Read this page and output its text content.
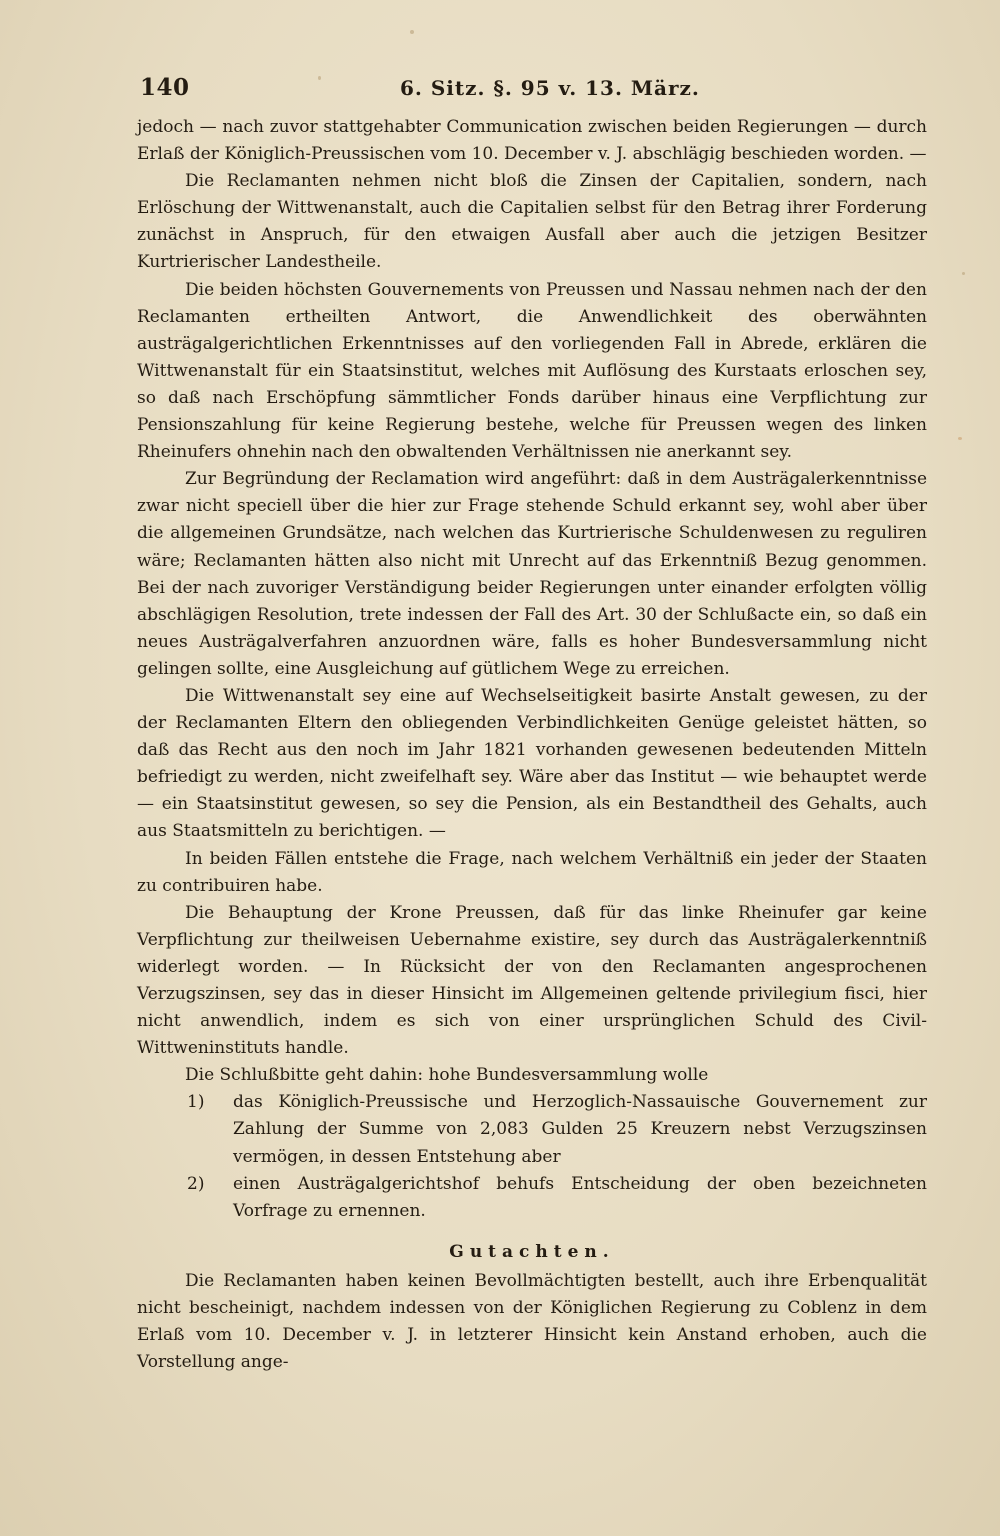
140	6. Sitz. §. 95 v. 13. März.

jedoch — nach zuvor stattgehabter Communication zwischen beiden Regierungen — durch Erlaß der Königlich-Preussischen vom 10. December v. J. abschlägig beschieden worden. —

Die Reclamanten nehmen nicht bloß die Zinsen der Capitalien, sondern, nach Erlöschung der Wittwenanstalt, auch die Capitalien selbst für den Betrag ihrer Forderung zunächst in Anspruch, für den etwaigen Ausfall aber auch die jetzigen Besitzer Kurtrierischer Landestheile.

Die beiden höchsten Gouvernements von Preussen und Nassau nehmen nach der den Reclamanten ertheilten Antwort, die Anwendlichkeit des oberwähnten austrägalgerichtlichen Erkenntnisses auf den vorliegenden Fall in Abrede, erklären die Wittwenanstalt für ein Staatsinstitut, welches mit Auflösung des Kurstaats erloschen sey, so daß nach Erschöpfung sämmtlicher Fonds darüber hinaus eine Verpflichtung zur Pensionszahlung für keine Regierung bestehe, welche für Preussen wegen des linken Rheinufers ohnehin nach den obwaltenden Verhältnissen nie anerkannt sey.

Zur Begründung der Reclamation wird angeführt: daß in dem Austrägalerkenntnisse zwar nicht speciell über die hier zur Frage stehende Schuld erkannt sey, wohl aber über die allgemeinen Grundsätze, nach welchen das Kurtrierische Schuldenwesen zu reguliren wäre; Reclamanten hätten also nicht mit Unrecht auf das Erkenntniß Bezug genommen. Bei der nach zuvoriger Verständigung beider Regierungen unter einander erfolgten völlig abschlägigen Resolution, trete indessen der Fall des Art. 30 der Schlußacte ein, so daß ein neues Austrägalverfahren anzuordnen wäre, falls es hoher Bundesversammlung nicht gelingen sollte, eine Ausgleichung auf gütlichem Wege zu erreichen.

Die Wittwenanstalt sey eine auf Wechselseitigkeit basirte Anstalt gewesen, zu der der Reclamanten Eltern den obliegenden Verbindlichkeiten Genüge geleistet hätten, so daß das Recht aus den noch im Jahr 1821 vorhanden gewesenen bedeutenden Mitteln befriedigt zu werden, nicht zweifelhaft sey. Wäre aber das Institut — wie behauptet werde — ein Staatsinstitut gewesen, so sey die Pension, als ein Bestandtheil des Gehalts, auch aus Staatsmitteln zu berichtigen. —

In beiden Fällen entstehe die Frage, nach welchem Verhältniß ein jeder der Staaten zu contribuiren habe.

Die Behauptung der Krone Preussen, daß für das linke Rheinufer gar keine Verpflichtung zur theilweisen Uebernahme existire, sey durch das Austrägalerkenntniß widerlegt worden. — In Rücksicht der von den Reclamanten angesprochenen Verzugszinsen, sey das in dieser Hinsicht im Allgemeinen geltende privilegium fisci, hier nicht anwendlich, indem es sich von einer ursprünglichen Schuld des Civil-Wittweninstituts handle.

Die Schlußbitte geht dahin: hohe Bundesversammlung wolle

1) das Königlich-Preussische und Herzoglich-Nassauische Gouvernement zur Zahlung der Summe von 2,083 Gulden 25 Kreuzern nebst Verzugszinsen vermögen, in dessen Entstehung aber
2) einen Austrägalgerichtshof behufs Entscheidung der oben bezeichneten Vorfrage zu ernennen.
Gutachten.

Die Reclamanten haben keinen Bevollmächtigten bestellt, auch ihre Erbenqualität nicht bescheinigt, nachdem indessen von der Königlichen Regierung zu Coblenz in dem Erlaß vom 10. December v. J. in letzterer Hinsicht kein Anstand erhoben, auch die Vorstellung ange-
